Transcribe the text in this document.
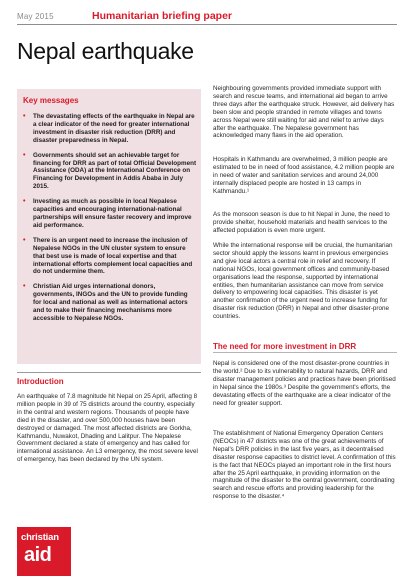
May 2015	Humanitarian briefing paper
Nepal earthquake
Key messages
• The devastating effects of the earthquake in Nepal are a clear indicator of the need for greater international investment in disaster risk reduction (DRR) and disaster preparedness in Nepal.
• Governments should set an achievable target for financing for DRR as part of total Official Development Assistance (ODA) at the International Conference on Financing for Development in Addis Ababa in July 2015.
• Investing as much as possible in local Nepalese capacities and encouraging international-national partnerships will ensure faster recovery and improve aid performance.
• There is an urgent need to increase the inclusion of Nepalese NGOs in the UN cluster system to ensure that best use is made of local expertise and that international efforts complement local capacities and do not undermine them.
• Christian Aid urges international donors, governments, INGOs and the UN to provide funding for local and national as well as international actors and to make their financing mechanisms more accessible to Nepalese NGOs.
Introduction
An earthquake of 7.8 magnitude hit Nepal on 25 April, affecting 8 million people in 39 of 75 districts around the country, especially in the central and western regions. Thousands of people have died in the disaster, and over 500,000 houses have been destroyed or damaged. The most affected districts are Gorkha, Kathmandu, Nuwakot, Dhading and Lalitpur. The Nepalese Government declared a state of emergency and has called for international assistance. An L3 emergency, the most severe level of emergency, has been declared by the UN system.
Neighbouring governments provided immediate support with search and rescue teams, and international aid began to arrive three days after the earthquake struck. However, aid delivery has been slow and people stranded in remote villages and towns across Nepal were still waiting for aid and relief to arrive days after the earthquake. The Nepalese government has acknowledged many flaws in the aid operation.
Hospitals in Kathmandu are overwhelmed, 3 million people are estimated to be in need of food assistance, 4.2 million people are in need of water and sanitation services and around 24,000 internally displaced people are hosted in 13 camps in Kathmandu.¹
As the monsoon season is due to hit Nepal in June, the need to provide shelter, household materials and health services to the affected population is even more urgent.
While the international response will be crucial, the humanitarian sector should apply the lessons learnt in previous emergencies and give local actors a central role in relief and recovery. If national NGOs, local government offices and community-based organisations lead the response, supported by international entities, then humanitarian assistance can move from service delivery to empowering local capacities. This disaster is yet another confirmation of the urgent need to increase funding for disaster risk reduction (DRR) in Nepal and other disaster-prone countries.
The need for more investment in DRR
Nepal is considered one of the most disaster-prone countries in the world.² Due to its vulnerability to natural hazards, DRR and disaster management policies and practices have been prioritised in Nepal since the 1980s.³ Despite the government's efforts, the devastating effects of the earthquake are a clear indicator of the need for greater support.
The establishment of National Emergency Operation Centers (NEOCs) in 47 districts was one of the great achievements of Nepal's DRR policies in the last five years, as it decentralised disaster response capacities to district level. A confirmation of this is the fact that NEOCs played an important role in the first hours after the 25 April earthquake, in providing information on the magnitude of the disaster to the central government, coordinating search and rescue efforts and providing leadership for the response to the disaster.⁴
christian
aid
